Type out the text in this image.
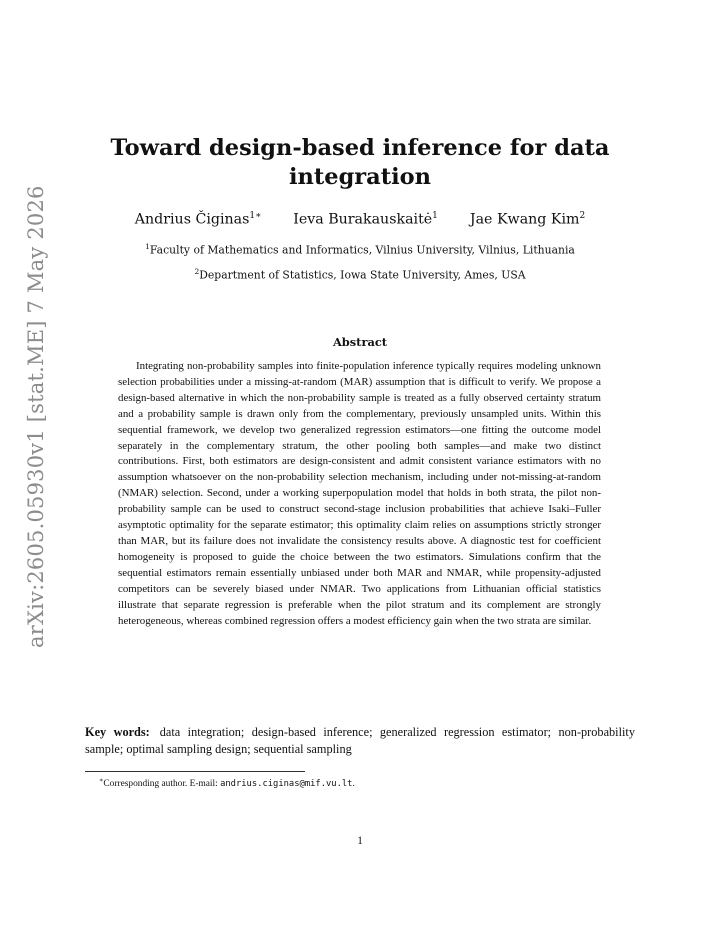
arXiv:2605.05930v1 [stat.ME] 7 May 2026
Toward design-based inference for data integration
Andrius Čiginas$^{1∗}$ Ieva Burakauskaitė$^1$ Jae Kwang Kim$^2$
$^1$Faculty of Mathematics and Informatics, Vilnius University, Vilnius, Lithuania
$^2$Department of Statistics, Iowa State University, Ames, USA
Abstract

Integrating non-probability samples into finite-population inference typically requires modeling unknown selection probabilities under a missing-at-random (MAR) assumption that is difficult to verify. We propose a design-based alternative in which the non-probability sample is treated as a fully observed certainty stratum and a probability sample is drawn only from the complementary, previously unsampled units. Within this sequential framework, we develop two generalized regression estimators—one fitting the outcome model separately in the complementary stratum, the other pooling both samples—and make two distinct contributions. First, both estimators are design-consistent and admit consistent variance estimators with no assumption whatsoever on the non-probability selection mechanism, including under not-missing-at-random (NMAR) selection. Second, under a working superpopulation model that holds in both strata, the pilot non-probability sample can be used to construct second-stage inclusion probabilities that achieve Isaki–Fuller asymptotic optimality for the separate estimator; this optimality claim relies on assumptions strictly stronger than MAR, but its failure does not invalidate the consistency results above. A diagnostic test for coefficient homogeneity is proposed to guide the choice between the two estimators. Simulations confirm that the sequential estimators remain essentially unbiased under both MAR and NMAR, while propensity-adjusted competitors can be severely biased under NMAR. Two applications from Lithuanian official statistics illustrate that separate regression is preferable when the pilot stratum and its complement are strongly heterogeneous, whereas combined regression offers a modest efficiency gain when the two strata are similar.

Key words: data integration; design-based inference; generalized regression estimator; non-probability sample; optimal sampling design; sequential sampling
∗Corresponding author. E-mail: andrius.ciginas@mif.vu.lt.
1
